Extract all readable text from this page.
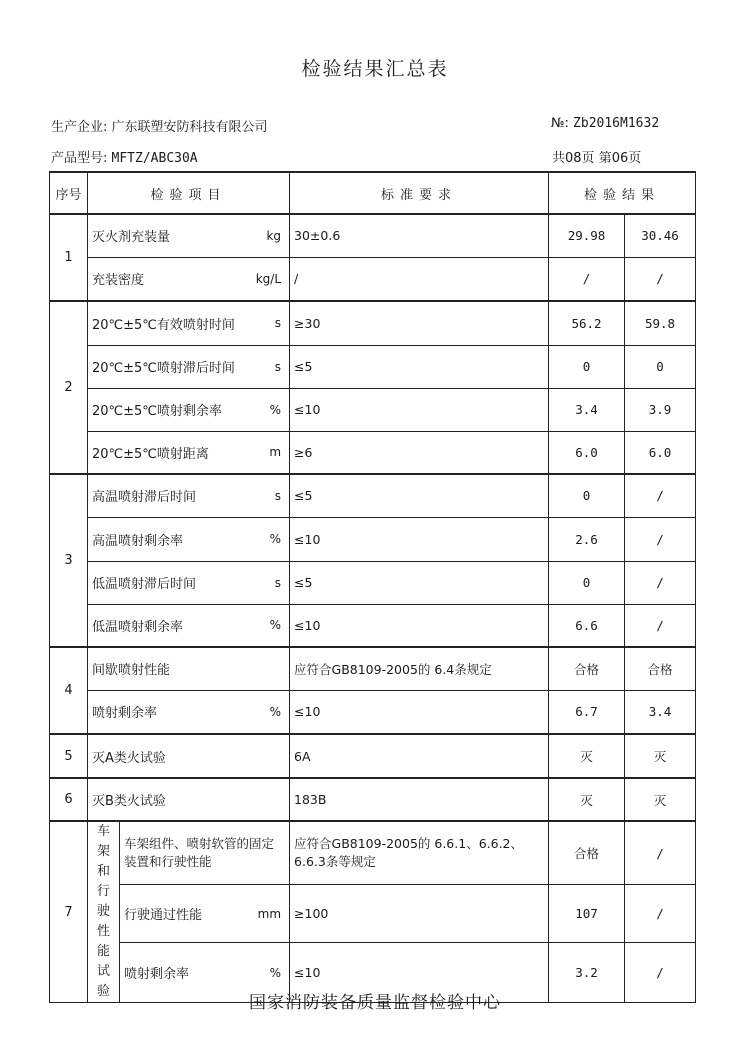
检验结果汇总表
生产企业: 广东联塑安防科技有限公司	№: Zb2016M1632
产品型号: MFTZ/ABC30A	共08页 第06页
序号	检验项目		标准要求	检验结果	
1	灭火剂充装量 kg		30±0.6	29.98	30.46
	充装密度 kg/L		/	/	/
2	20℃±5℃有效喷射时间 s		≥30	56.2	59.8
	20℃±5℃喷射滞后时间 s		≤5	0	0
	20℃±5℃喷射剩余率 %		≤10	3.4	3.9
	20℃±5℃喷射距离 m		≥6	6.0	6.0
3	高温喷射滞后时间 s		≤5	0	/
	高温喷射剩余率 %		≤10	2.6	/
	低温喷射滞后时间 s		≤5	0	/
	低温喷射剩余率 %		≤10	6.6	/
4	间歇喷射性能		应符合GB8109-2005的 6.4条规定	合格	合格
	喷射剩余率 %		≤10	6.7	3.4
5	灭A类火试验		6A	灭	灭
6	灭B类火试验		183B	灭	灭
7	车架和行驶性能试验	车架组件、喷射软管的固定装置和行驶性能	应符合GB8109-2005的 6.6.1、6.6.2、6.6.3条等规定	合格	/
		行驶通过性能 mm	≥100	107	/
		喷射剩余率 %	≤10	3.2	/
国家消防装备质量监督检验中心
